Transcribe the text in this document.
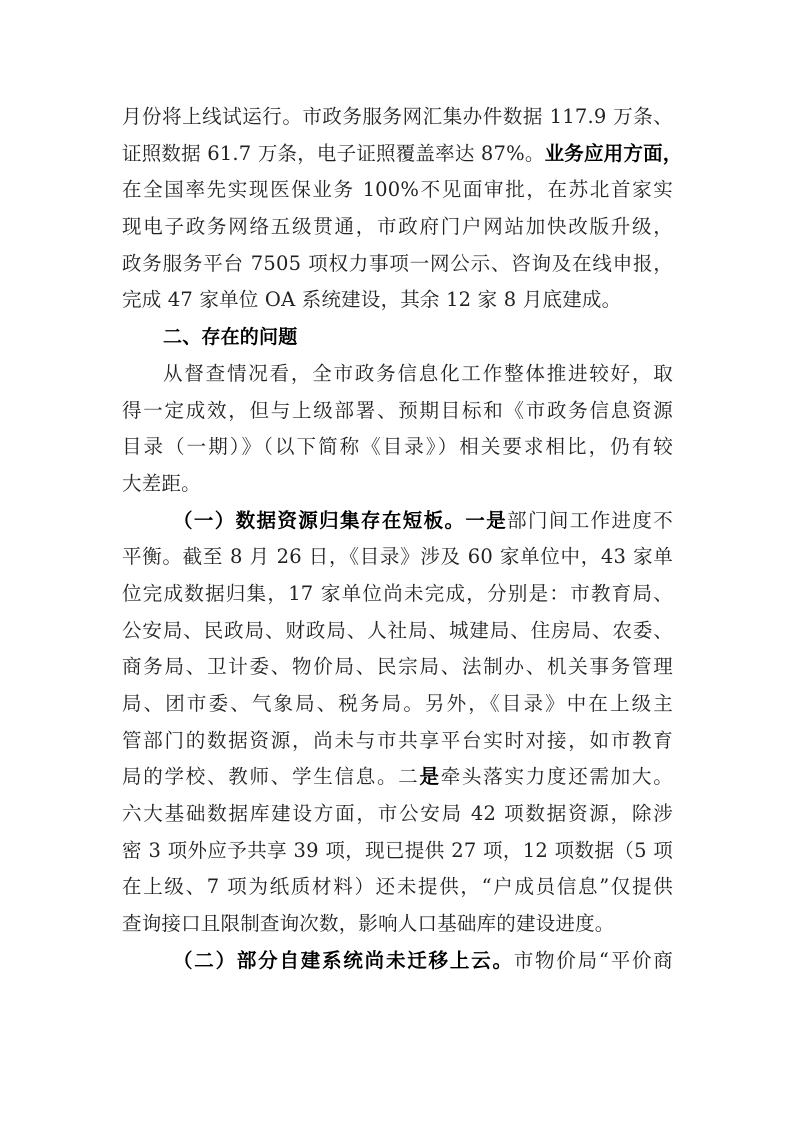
月份将上线试运行。市政务服务网汇集办件数据 117.9 万条、
证照数据 61.7 万条，电子证照覆盖率达 87%。业务应用方面，
在全国率先实现医保业务 100%不见面审批，在苏北首家实
现电子政务网络五级贯通，市政府门户网站加快改版升级，
政务服务平台 7505 项权力事项一网公示、咨询及在线申报，
完成 47 家单位 OA 系统建设，其余 12 家 8 月底建成。
二、存在的问题
从督查情况看，全市政务信息化工作整体推进较好，取
得一定成效，但与上级部署、预期目标和《市政务信息资源
目录（一期）》（以下简称《目录》）相关要求相比，仍有较
大差距。
（一）数据资源归集存在短板。一是部门间工作进度不
平衡。截至 8 月 26 日，《目录》涉及 60 家单位中，43 家单
位完成数据归集，17 家单位尚未完成，分别是：市教育局、
公安局、民政局、财政局、人社局、城建局、住房局、农委、
商务局、卫计委、物价局、民宗局、法制办、机关事务管理
局、团市委、气象局、税务局。另外，《目录》中在上级主
管部门的数据资源，尚未与市共享平台实时对接，如市教育
局的学校、教师、学生信息。二是牵头落实力度还需加大。
六大基础数据库建设方面，市公安局 42 项数据资源，除涉
密 3 项外应予共享 39 项，现已提供 27 项，12 项数据（5 项
在上级、7 项为纸质材料）还未提供，“户成员信息”仅提供
查询接口且限制查询次数，影响人口基础库的建设进度。
（二）部分自建系统尚未迁移上云。市物价局“平价商
